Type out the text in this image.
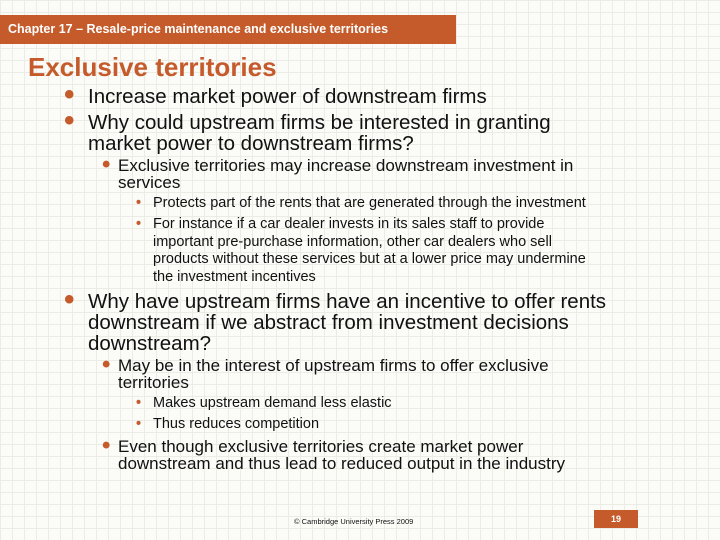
Chapter 17 – Resale-price maintenance and exclusive territories
Exclusive territories
• Increase market power of downstream firms
• Why could upstream firms be interested in granting
market power to downstream firms?
• Exclusive territories may increase downstream investment in
services
• Protects part of the rents that are generated through the investment
• For instance if a car dealer invests in its sales staff to provide
important pre-purchase information, other car dealers who sell
products without these services but at a lower price may undermine
the investment incentives
• Why have upstream firms have an incentive to offer rents
downstream if we abstract from investment decisions
downstream?
• May be in the interest of upstream firms to offer exclusive
territories
• Makes upstream demand less elastic
• Thus reduces competition
• Even though exclusive territories create market power
downstream and thus lead to reduced output in the industry
© Cambridge University Press 2009	19
